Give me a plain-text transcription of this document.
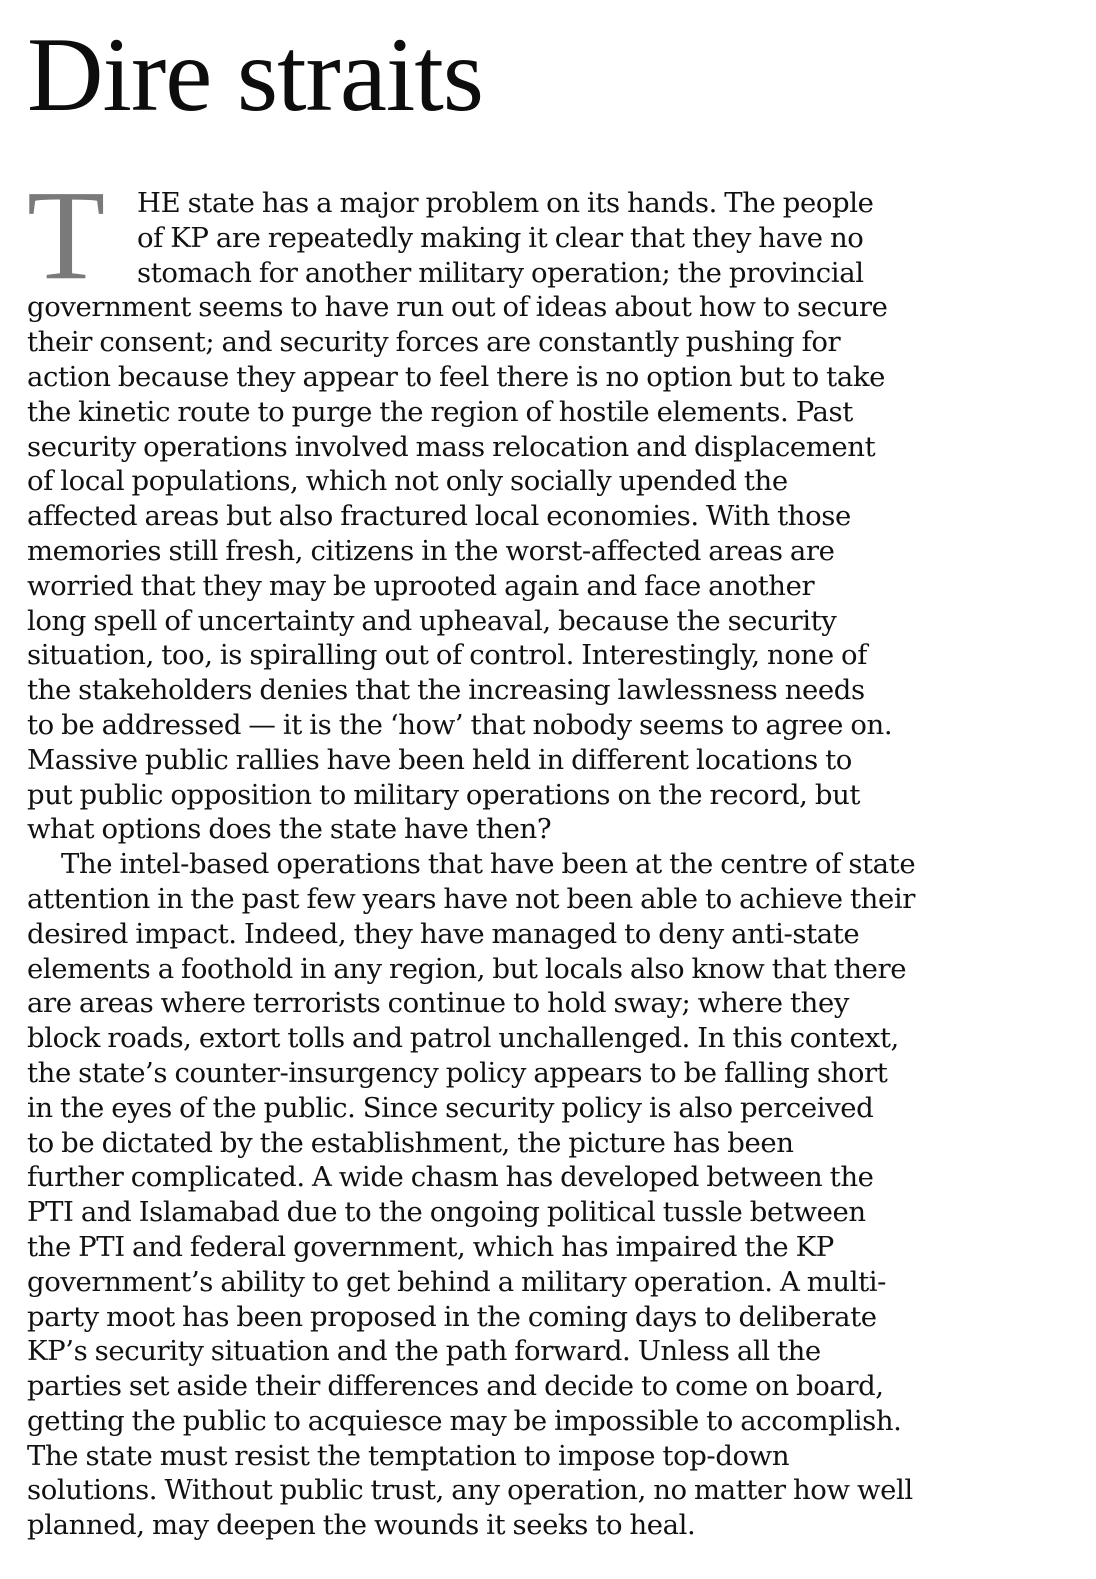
Dire straits

HE state has a major problem on its hands. The people
of KP are repeatedly making it clear that they have no
stomach for another military operation; the provincial
government seems to have run out of ideas about how to secure
their consent; and security forces are constantly pushing for
action because they appear to feel there is no option but to take
the kinetic route to purge the region of hostile elements. Past
security operations involved mass relocation and displacement
of local populations, which not only socially upended the
affected areas but also fractured local economies. With those
memories still fresh, citizens in the worst-affected areas are
worried that they may be uprooted again and face another
long spell of uncertainty and upheaval, because the security
situation, too, is spiralling out of control. Interestingly, none of
the stakeholders denies that the increasing lawlessness needs
to be addressed — it is the ‘how’ that nobody seems to agree on.
Massive public rallies have been held in different locations to
put public opposition to military operations on the record, but
what options does the state have then?

The intel-based operations that have been at the centre of state
attention in the past few years have not been able to achieve their
desired impact. Indeed, they have managed to deny anti-state
elements a foothold in any region, but locals also know that there
are areas where terrorists continue to hold sway; where they
block roads, extort tolls and patrol unchallenged. In this context,
the state’s counter-insurgency policy appears to be falling short
in the eyes of the public. Since security policy is also perceived
to be dictated by the establishment, the picture has been
further complicated. A wide chasm has developed between the
PTI and Islamabad due to the ongoing political tussle between
the PTI and federal government, which has impaired the KP
government’s ability to get behind a military operation. A multi-
party moot has been proposed in the coming days to deliberate
KP’s security situation and the path forward. Unless all the
parties set aside their differences and decide to come on board,
getting the public to acquiesce may be impossible to accomplish.
The state must resist the temptation to impose top-down
solutions. Without public trust, any operation, no matter how well
planned, may deepen the wounds it seeks to heal.

T
